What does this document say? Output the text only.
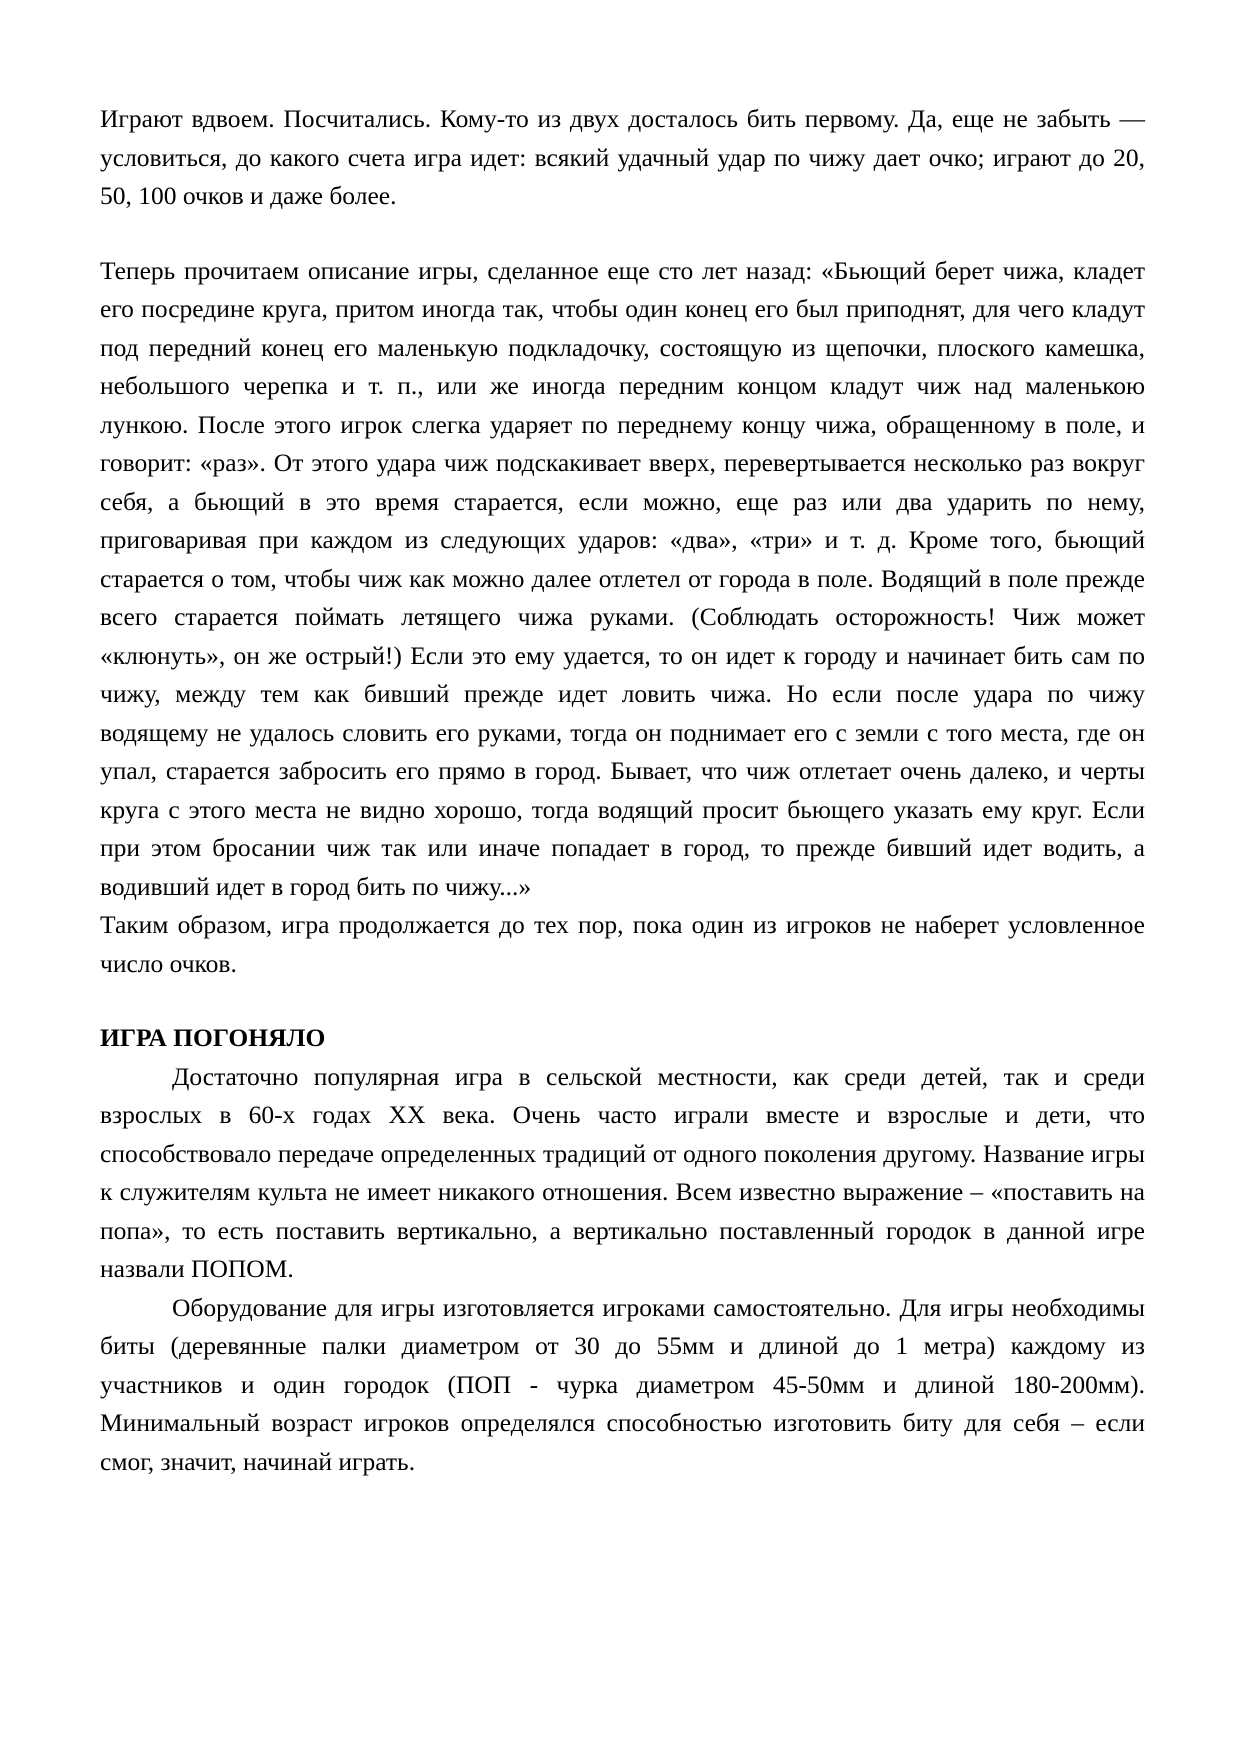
Играют вдвоем. Посчитались. Кому-то из двух досталось бить первому. Да, еще не забыть — условиться, до какого счета игра идет: всякий удачный удар по чижу дает очко; играют до 20, 50, 100 очков и даже более.

Теперь прочитаем описание игры, сделанное еще сто лет назад: «Бьющий берет чижа, кладет его посредине круга, притом иногда так, чтобы один конец его был приподнят, для чего кладут под передний конец его маленькую подкладочку, состоящую из щепочки, плоского камешка, небольшого черепка и т. п., или же иногда передним концом кладут чиж над маленькою лункою. После этого игрок слегка ударяет по переднему концу чижа, обращенному в поле, и говорит: «раз». От этого удара чиж подскакивает вверх, перевертывается несколько раз вокруг себя, а бьющий в это время старается, если можно, еще раз или два ударить по нему, приговаривая при каждом из следующих ударов: «два», «три» и т. д. Кроме того, бьющий старается о том, чтобы чиж как можно далее отлетел от города в поле. Водящий в поле прежде всего старается поймать летящего чижа руками. (Соблюдать осторожность! Чиж может «клюнуть», он же острый!) Если это ему удается, то он идет к городу и начинает бить сам по чижу, между тем как бивший прежде идет ловить чижа. Но если после удара по чижу водящему не удалось словить его руками, тогда он поднимает его с земли с того места, где он упал, старается забросить его прямо в город. Бывает, что чиж отлетает очень далеко, и черты круга с этого места не видно хорошо, тогда водящий просит бьющего указать ему круг. Если при этом бросании чиж так или иначе попадает в город, то прежде бивший идет водить, а водивший идет в город бить по чижу...»

Таким образом, игра продолжается до тех пор, пока один из игроков не наберет условленное число очков.

ИГРА ПОГОНЯЛО

Достаточно популярная игра в сельской местности, как среди детей, так и среди взрослых в 60-х годах XX века. Очень часто играли вместе и взрослые и дети, что способствовало передаче определенных традиций от одного поколения другому. Название игры к служителям культа не имеет никакого отношения. Всем известно выражение – «поставить на попа», то есть поставить вертикально, а вертикально поставленный городок в данной игре назвали ПОПОМ.

Оборудование для игры изготовляется игроками самостоятельно. Для игры необходимы биты (деревянные палки диаметром от 30 до 55мм и длиной до 1 метра) каждому из участников и один городок (ПОП - чурка диаметром 45-50мм и длиной 180-200мм). Минимальный возраст игроков определялся способностью изготовить биту для себя – если смог, значит, начинай играть.
